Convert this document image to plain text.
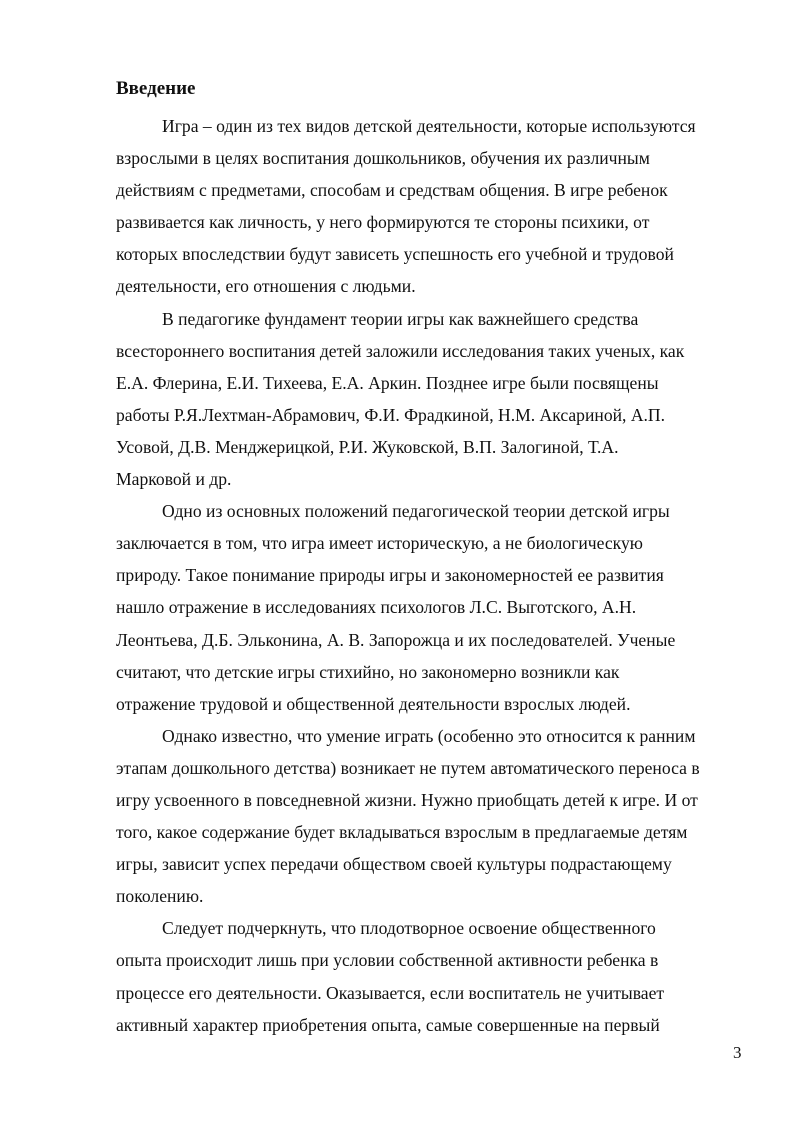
Введение
Игра – один из тех видов детской деятельности, которые используются
взрослыми в целях воспитания дошкольников, обучения их различным
действиям с предметами, способам и средствам общения. В игре ребенок
развивается как личность, у него формируются те стороны психики, от
которых впоследствии будут зависеть успешность его учебной и трудовой
деятельности, его отношения с людьми.
В педагогике фундамент теории игры как важнейшего средства
всестороннего воспитания детей заложили исследования таких ученых, как
Е.А. Флерина, Е.И. Тихеева, Е.А. Аркин. Позднее игре были посвящены
работы Р.Я.Лехтман-Абрамович, Ф.И. Фрадкиной, Н.М. Аксариной, А.П.
Усовой, Д.В. Менджерицкой, Р.И. Жуковской, В.П. Залогиной, Т.А.
Марковой и др.
Одно из основных положений педагогической теории детской игры
заключается в том, что игра имеет историческую, а не биологическую
природу. Такое понимание природы игры и закономерностей ее развития
нашло отражение в исследованиях психологов Л.С. Выготского, А.Н.
Леонтьева, Д.Б. Эльконина, А. В. Запорожца и их последователей. Ученые
считают, что детские игры стихийно, но закономерно возникли как
отражение трудовой и общественной деятельности взрослых людей.
Однако известно, что умение играть (особенно это относится к ранним
этапам дошкольного детства) возникает не путем автоматического переноса в
игру усвоенного в повседневной жизни. Нужно приобщать детей к игре. И от
того, какое содержание будет вкладываться взрослым в предлагаемые детям
игры, зависит успех передачи обществом своей культуры подрастающему
поколению.
Следует подчеркнуть, что плодотворное освоение общественного
опыта происходит лишь при условии собственной активности ребенка в
процессе его деятельности. Оказывается, если воспитатель не учитывает
активный характер приобретения опыта, самые совершенные на первый
3
